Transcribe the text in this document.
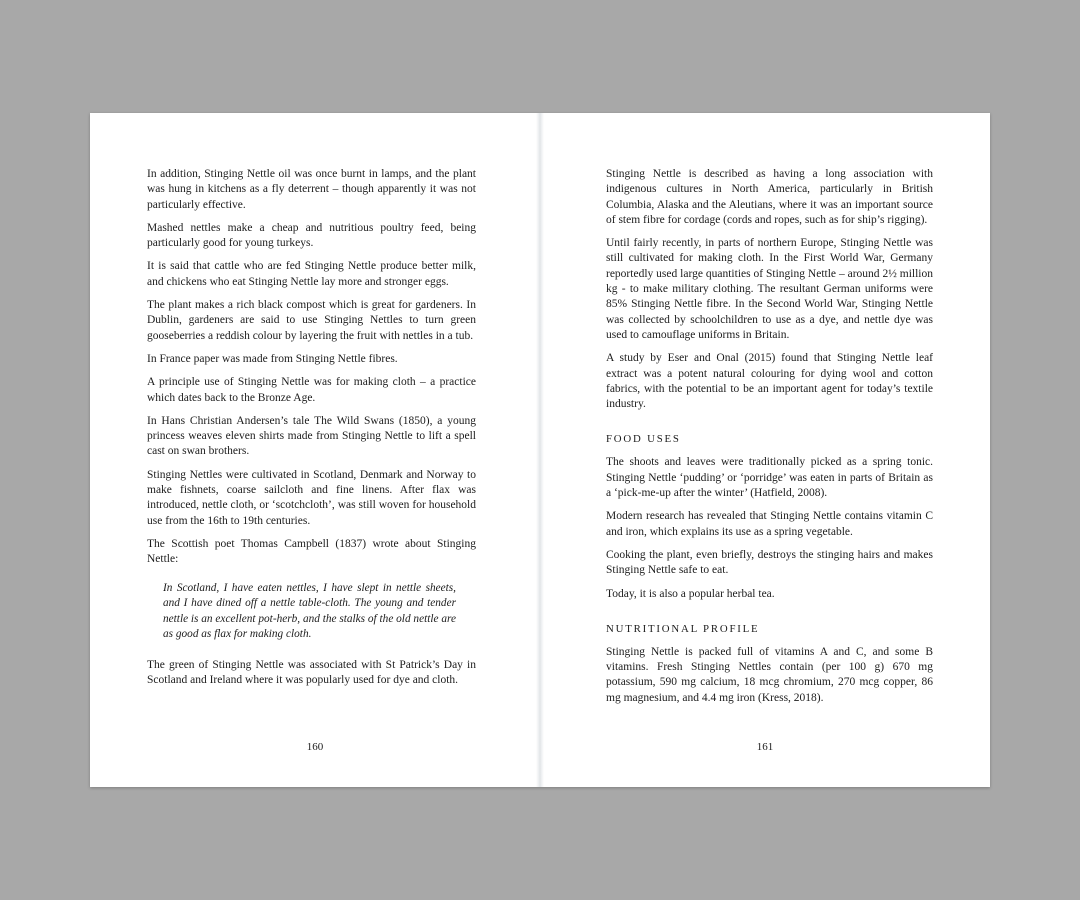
In addition, Stinging Nettle oil was once burnt in lamps, and the plant was hung in kitchens as a fly deterrent – though apparently it was not particularly effective.

Mashed nettles make a cheap and nutritious poultry feed, being particularly good for young turkeys.

It is said that cattle who are fed Stinging Nettle produce better milk, and chickens who eat Stinging Nettle lay more and stronger eggs.

The plant makes a rich black compost which is great for gardeners. In Dublin, gardeners are said to use Stinging Nettles to turn green gooseberries a reddish colour by layering the fruit with nettles in a tub.

In France paper was made from Stinging Nettle fibres.

A principle use of Stinging Nettle was for making cloth – a practice which dates back to the Bronze Age.

In Hans Christian Andersen’s tale The Wild Swans (1850), a young princess weaves eleven shirts made from Stinging Nettle to lift a spell cast on swan brothers.

Stinging Nettles were cultivated in Scotland, Denmark and Norway to make fishnets, coarse sailcloth and fine linens. After flax was introduced, nettle cloth, or ‘scotchcloth’, was still woven for household use from the 16th to 19th centuries.

The Scottish poet Thomas Campbell (1837) wrote about Stinging Nettle:

In Scotland, I have eaten nettles, I have slept in nettle sheets, and I have dined off a nettle table-cloth. The young and tender nettle is an excellent pot-herb, and the stalks of the old nettle are as good as flax for making cloth.

The green of Stinging Nettle was associated with St Patrick’s Day in Scotland and Ireland where it was popularly used for dye and cloth.

160

Stinging Nettle is described as having a long association with indigenous cultures in North America, particularly in British Columbia, Alaska and the Aleutians, where it was an important source of stem fibre for cordage (cords and ropes, such as for ship’s rigging).

Until fairly recently, in parts of northern Europe, Stinging Nettle was still cultivated for making cloth. In the First World War, Germany reportedly used large quantities of Stinging Nettle – around 2½ million kg - to make military clothing. The resultant German uniforms were 85% Stinging Nettle fibre. In the Second World War, Stinging Nettle was collected by schoolchildren to use as a dye, and nettle dye was used to camouflage uniforms in Britain.

A study by Eser and Onal (2015) found that Stinging Nettle leaf extract was a potent natural colouring for dying wool and cotton fabrics, with the potential to be an important agent for today’s textile industry.

FOOD USES

The shoots and leaves were traditionally picked as a spring tonic. Stinging Nettle ‘pudding’ or ‘porridge’ was eaten in parts of Britain as a ‘pick-me-up after the winter’ (Hatfield, 2008).

Modern research has revealed that Stinging Nettle contains vitamin C and iron, which explains its use as a spring vegetable.

Cooking the plant, even briefly, destroys the stinging hairs and makes Stinging Nettle safe to eat.

Today, it is also a popular herbal tea.

NUTRITIONAL PROFILE

Stinging Nettle is packed full of vitamins A and C, and some B vitamins. Fresh Stinging Nettles contain (per 100 g) 670 mg potassium, 590 mg calcium, 18 mcg chromium, 270 mcg copper, 86 mg magnesium, and 4.4 mg iron (Kress, 2018).

161
